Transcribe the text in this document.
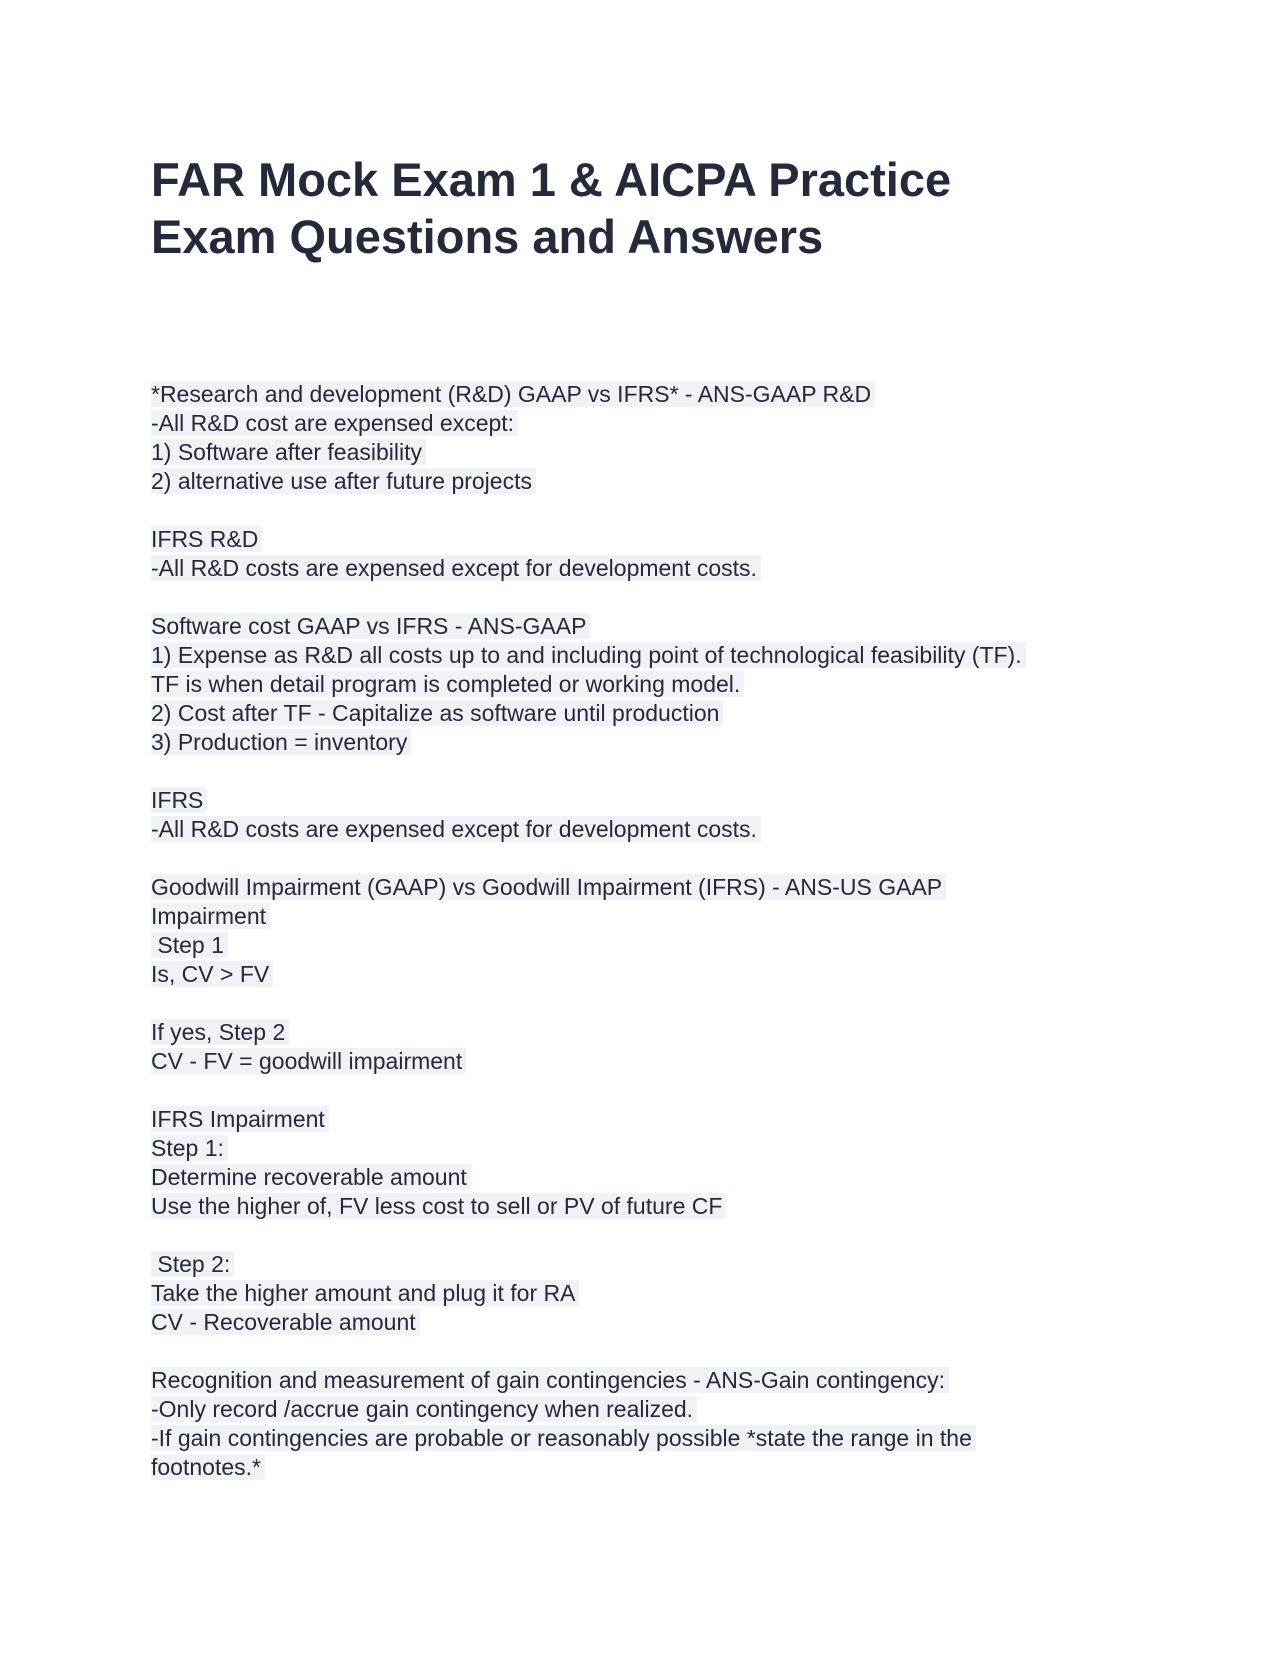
FAR Mock Exam 1 & AICPA Practice
Exam Questions and Answers
*Research and development (R&D) GAAP vs IFRS* - ANS-GAAP R&D
-All R&D cost are expensed except:
1) Software after feasibility
2) alternative use after future projects
IFRS R&D
-All R&D costs are expensed except for development costs.
Software cost GAAP vs IFRS - ANS-GAAP
1) Expense as R&D all costs up to and including point of technological feasibility (TF).
TF is when detail program is completed or working model.
2) Cost after TF - Capitalize as software until production
3) Production = inventory
IFRS
-All R&D costs are expensed except for development costs.
Goodwill Impairment (GAAP) vs Goodwill Impairment (IFRS) - ANS-US GAAP
Impairment
Step 1
Is, CV > FV
If yes, Step 2
CV - FV = goodwill impairment
IFRS Impairment
Step 1:
Determine recoverable amount
Use the higher of, FV less cost to sell or PV of future CF
Step 2:
Take the higher amount and plug it for RA
CV - Recoverable amount
Recognition and measurement of gain contingencies - ANS-Gain contingency:
-Only record /accrue gain contingency when realized.
-If gain contingencies are probable or reasonably possible *state the range in the
footnotes.*
